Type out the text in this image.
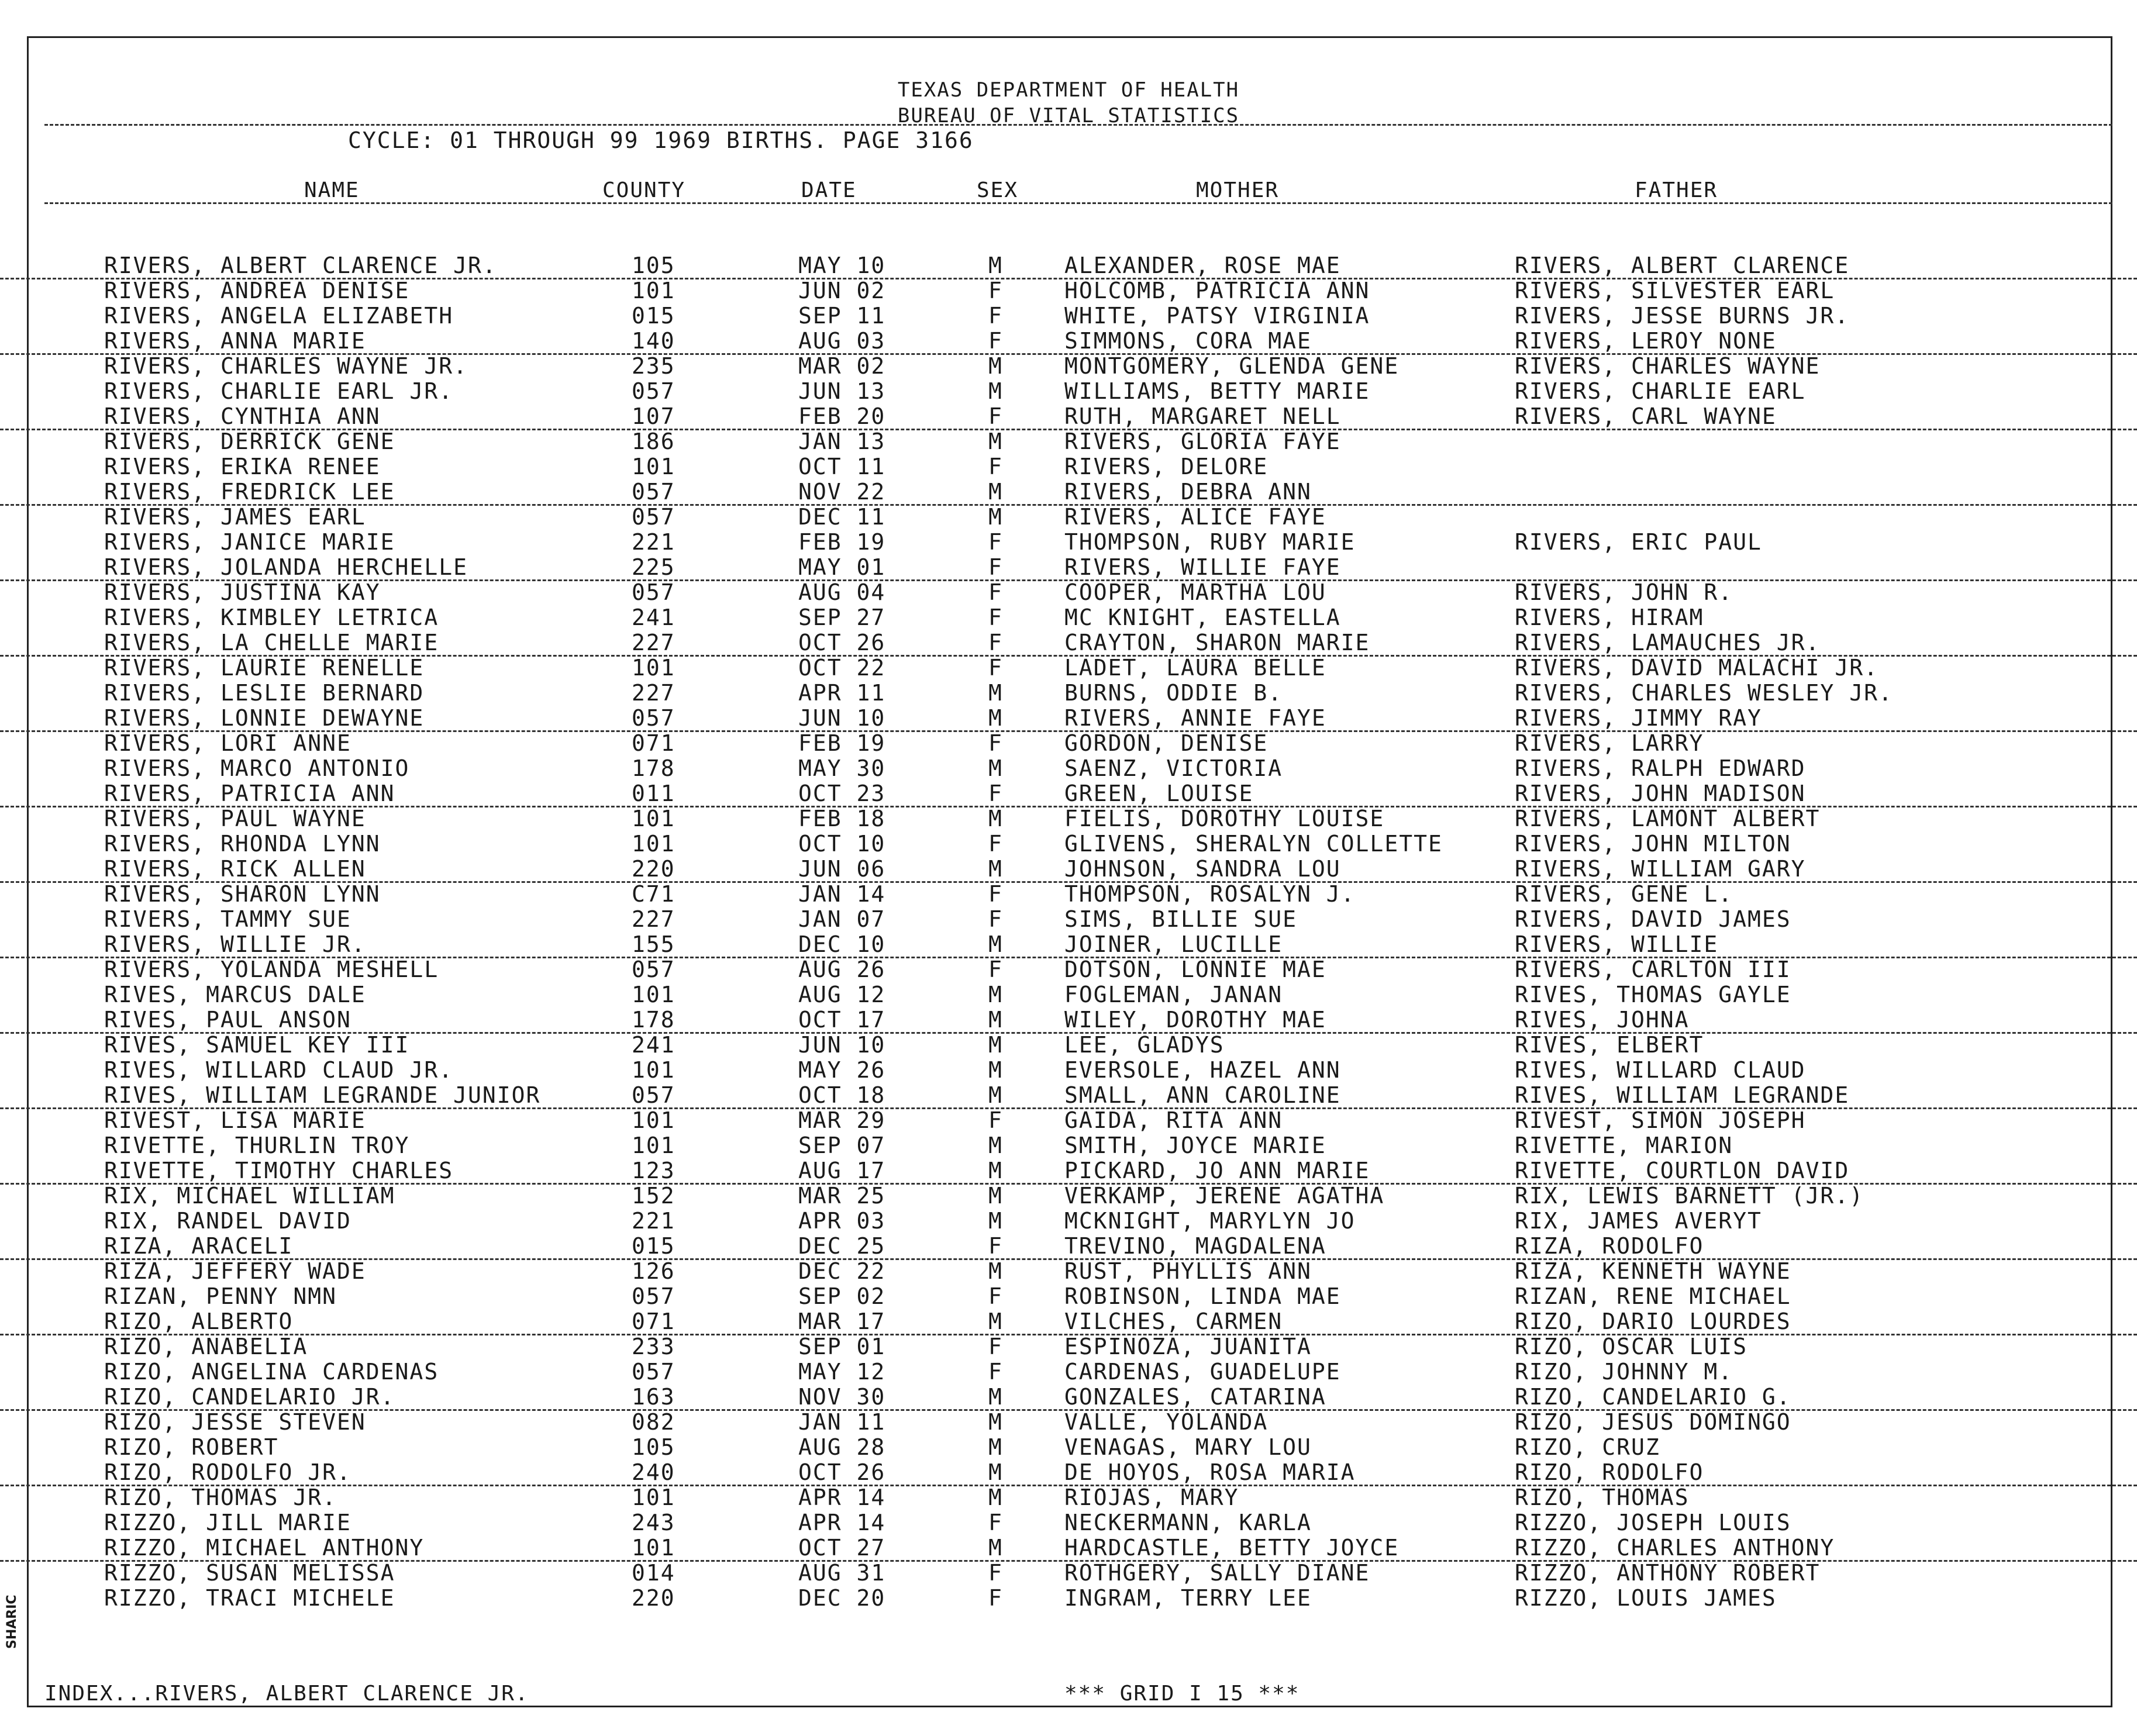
TEXAS DEPARTMENT OF HEALTH
BUREAU OF VITAL STATISTICS
CYCLE: 01 THROUGH 99 1969 BIRTHS. PAGE 3166
NAME	COUNTY	DATE	SEX	MOTHER	FATHER
RIVERS, ALBERT CLARENCE JR.	105	MAY 10	M	ALEXANDER, ROSE MAE	RIVERS, ALBERT CLARENCE
RIVERS, ANDREA DENISE	101	JUN 02	F	HOLCOMB, PATRICIA ANN	RIVERS, SILVESTER EARL
RIVERS, ANGELA ELIZABETH	015	SEP 11	F	WHITE, PATSY VIRGINIA	RIVERS, JESSE BURNS JR.
RIVERS, ANNA MARIE	140	AUG 03	F	SIMMONS, CORA MAE	RIVERS, LEROY NONE
RIVERS, CHARLES WAYNE JR.	235	MAR 02	M	MONTGOMERY, GLENDA GENE	RIVERS, CHARLES WAYNE
RIVERS, CHARLIE EARL JR.	057	JUN 13	M	WILLIAMS, BETTY MARIE	RIVERS, CHARLIE EARL
RIVERS, CYNTHIA ANN	107	FEB 20	F	RUTH, MARGARET NELL	RIVERS, CARL WAYNE
RIVERS, DERRICK GENE	186	JAN 13	M	RIVERS, GLORIA FAYE
RIVERS, ERIKA RENEE	101	OCT 11	F	RIVERS, DELORE
RIVERS, FREDRICK LEE	057	NOV 22	M	RIVERS, DEBRA ANN
RIVERS, JAMES EARL	057	DEC 11	M	RIVERS, ALICE FAYE
RIVERS, JANICE MARIE	221	FEB 19	F	THOMPSON, RUBY MARIE	RIVERS, ERIC PAUL
RIVERS, JOLANDA HERCHELLE	225	MAY 01	F	RIVERS, WILLIE FAYE
RIVERS, JUSTINA KAY	057	AUG 04	F	COOPER, MARTHA LOU	RIVERS, JOHN R.
RIVERS, KIMBLEY LETRICA	241	SEP 27	F	MC KNIGHT, EASTELLA	RIVERS, HIRAM
RIVERS, LA CHELLE MARIE	227	OCT 26	F	CRAYTON, SHARON MARIE	RIVERS, LAMAUCHES JR.
RIVERS, LAURIE RENELLE	101	OCT 22	F	LADET, LAURA BELLE	RIVERS, DAVID MALACHI JR.
RIVERS, LESLIE BERNARD	227	APR 11	M	BURNS, ODDIE B.	RIVERS, CHARLES WESLEY JR.
RIVERS, LONNIE DEWAYNE	057	JUN 10	M	RIVERS, ANNIE FAYE	RIVERS, JIMMY RAY
RIVERS, LORI ANNE	071	FEB 19	F	GORDON, DENISE	RIVERS, LARRY
RIVERS, MARCO ANTONIO	178	MAY 30	M	SAENZ, VICTORIA	RIVERS, RALPH EDWARD
RIVERS, PATRICIA ANN	011	OCT 23	F	GREEN, LOUISE	RIVERS, JOHN MADISON
RIVERS, PAUL WAYNE	101	FEB 18	M	FIELIS, DOROTHY LOUISE	RIVERS, LAMONT ALBERT
RIVERS, RHONDA LYNN	101	OCT 10	F	GLIVENS, SHERALYN COLLETTE	RIVERS, JOHN MILTON
RIVERS, RICK ALLEN	220	JUN 06	M	JOHNSON, SANDRA LOU	RIVERS, WILLIAM GARY
RIVERS, SHARON LYNN	C71	JAN 14	F	THOMPSON, ROSALYN J.	RIVERS, GENE L.
RIVERS, TAMMY SUE	227	JAN 07	F	SIMS, BILLIE SUE	RIVERS, DAVID JAMES
RIVERS, WILLIE JR.	155	DEC 10	M	JOINER, LUCILLE	RIVERS, WILLIE
RIVERS, YOLANDA MESHELL	057	AUG 26	F	DOTSON, LONNIE MAE	RIVERS, CARLTON III
RIVES, MARCUS DALE	101	AUG 12	M	FOGLEMAN, JANAN	RIVES, THOMAS GAYLE
RIVES, PAUL ANSON	178	OCT 17	M	WILEY, DOROTHY MAE	RIVES, JOHNA
RIVES, SAMUEL KEY III	241	JUN 10	M	LEE, GLADYS	RIVES, ELBERT
RIVES, WILLARD CLAUD JR.	101	MAY 26	M	EVERSOLE, HAZEL ANN	RIVES, WILLARD CLAUD
RIVES, WILLIAM LEGRANDE JUNIOR	057	OCT 18	M	SMALL, ANN CAROLINE	RIVES, WILLIAM LEGRANDE
RIVEST, LISA MARIE	101	MAR 29	F	GAIDA, RITA ANN	RIVEST, SIMON JOSEPH
RIVETTE, THURLIN TROY	101	SEP 07	M	SMITH, JOYCE MARIE	RIVETTE, MARION
RIVETTE, TIMOTHY CHARLES	123	AUG 17	M	PICKARD, JO ANN MARIE	RIVETTE, COURTLON DAVID
RIX, MICHAEL WILLIAM	152	MAR 25	M	VERKAMP, JERENE AGATHA	RIX, LEWIS BARNETT (JR.)
RIX, RANDEL DAVID	221	APR 03	M	MCKNIGHT, MARYLYN JO	RIX, JAMES AVERYT
RIZA, ARACELI	015	DEC 25	F	TREVINO, MAGDALENA	RIZA, RODOLFO
RIZA, JEFFERY WADE	126	DEC 22	M	RUST, PHYLLIS ANN	RIZA, KENNETH WAYNE
RIZAN, PENNY NMN	057	SEP 02	F	ROBINSON, LINDA MAE	RIZAN, RENE MICHAEL
RIZO, ALBERTO	071	MAR 17	M	VILCHES, CARMEN	RIZO, DARIO LOURDES
RIZO, ANABELIA	233	SEP 01	F	ESPINOZA, JUANITA	RIZO, OSCAR LUIS
RIZO, ANGELINA CARDENAS	057	MAY 12	F	CARDENAS, GUADELUPE	RIZO, JOHNNY M.
RIZO, CANDELARIO JR.	163	NOV 30	M	GONZALES, CATARINA	RIZO, CANDELARIO G.
RIZO, JESSE STEVEN	082	JAN 11	M	VALLE, YOLANDA	RIZO, JESUS DOMINGO
RIZO, ROBERT	105	AUG 28	M	VENAGAS, MARY LOU	RIZO, CRUZ
RIZO, RODOLFO JR.	240	OCT 26	M	DE HOYOS, ROSA MARIA	RIZO, RODOLFO
RIZO, THOMAS JR.	101	APR 14	M	RIOJAS, MARY	RIZO, THOMAS
RIZZO, JILL MARIE	243	APR 14	F	NECKERMANN, KARLA	RIZZO, JOSEPH LOUIS
RIZZO, MICHAEL ANTHONY	101	OCT 27	M	HARDCASTLE, BETTY JOYCE	RIZZO, CHARLES ANTHONY
RIZZO, SUSAN MELISSA	014	AUG 31	F	ROTHGERY, SALLY DIANE	RIZZO, ANTHONY ROBERT
RIZZO, TRACI MICHELE	220	DEC 20	F	INGRAM, TERRY LEE	RIZZO, LOUIS JAMES
INDEX...RIVERS, ALBERT CLARENCE JR.	*** GRID I 15 ***
SHARIC
